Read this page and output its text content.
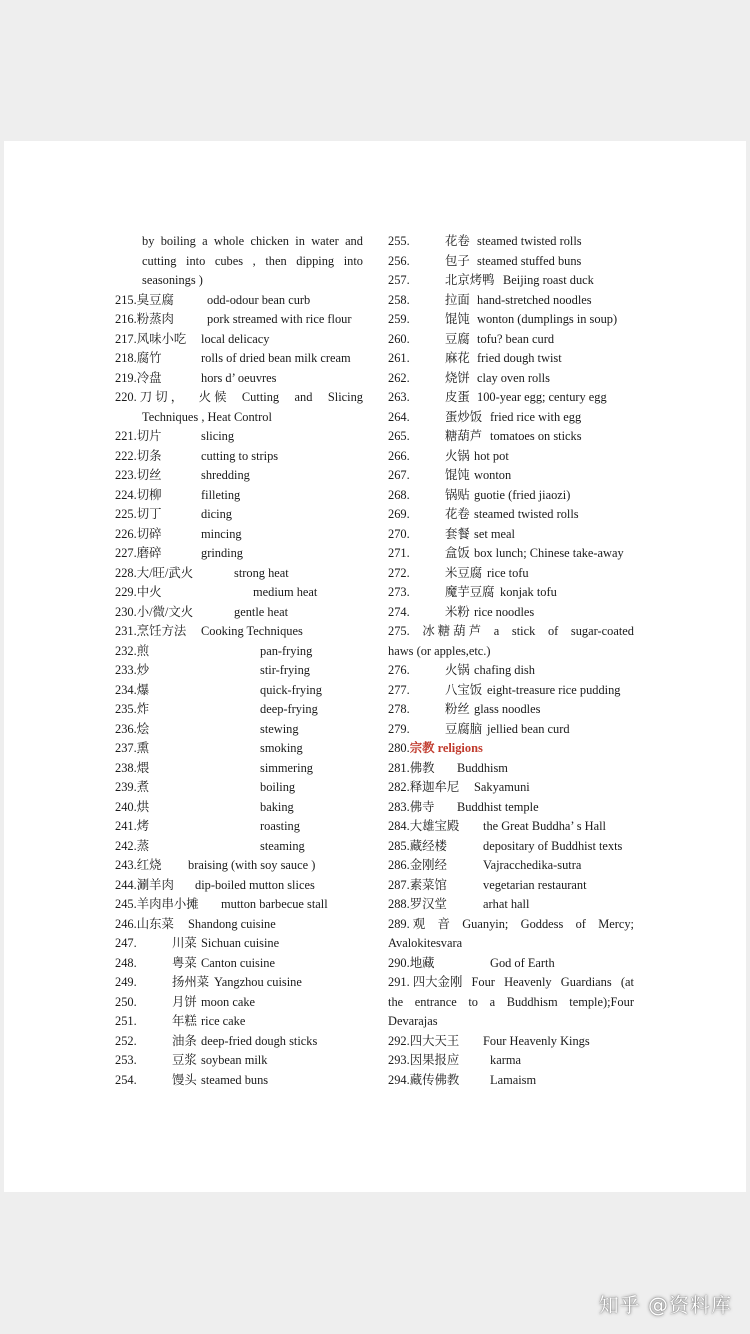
by boiling a whole chicken in water and
cutting into cubes , then dipping into
seasonings )
215.臭豆腐	odd-odour bean curb
216.粉蒸肉	pork streamed with rice flour
217.风味小吃 local delicacy
218.腐竹	rolls of dried bean milk cream
219.冷盘	hors d’ oeuvres
220. 刀 切 ， 火 候 Cutting and Slicing
Techniques , Heat Control
221.切片	slicing
222.切条	cutting to strips
223.切丝	shredding
224.切柳	filleting
225.切丁	dicing
226.切碎	mincing
227.磨碎	grinding
228.大/旺/武火	strong heat
229.中火	medium heat
230.小/微/文火	gentle heat
231.烹饪方法 Cooking Techniques
232.煎	pan-frying
233.炒	stir-frying
234.爆	quick-frying
235.炸	deep-frying
236.烩	stewing
237.熏	smoking
238.煨	simmering
239.煮	boiling
240.烘	baking
241.烤	roasting
242.蒸	steaming
243.红烧 braising (with soy sauce )
244.涮羊肉 dip-boiled mutton slices
245.羊肉串小摊 mutton barbecue stall
246.山东菜 Shandong cuisine
247.	川菜 Sichuan cuisine
248.	粤菜 Canton cuisine
249.	扬州菜 Yangzhou cuisine
250.	月饼 moon cake
251.	年糕 rice cake
252.	油条 deep-fried dough sticks
253.	豆浆 soybean milk
254.	馒头 steamed buns
255.	花卷 steamed twisted rolls
256.	包子 steamed stuffed buns
257.	北京烤鸭 Beijing roast duck
258.	拉面 hand-stretched noodles
259.	馄饨 wonton (dumplings in soup)
260.	豆腐 tofu? bean curd
261.	麻花 fried dough twist
262.	烧饼 clay oven rolls
263.	皮蛋 100-year egg; century egg
264.	蛋炒饭 fried rice with egg
265.	糖葫芦 tomatoes on sticks
266.	火锅 hot pot
267.	馄饨 wonton
268.	锅贴 guotie (fried jiaozi)
269.	花卷 steamed twisted rolls
270.	套餐 set meal
271.	盒饭 box lunch; Chinese take-away
272.	米豆腐 rice tofu
273.	魔芋豆腐 konjak tofu
274.	米粉 rice noodles
275. 冰 糖 葫 芦 a stick of sugar-coated
haws (or apples,etc.)
276.	火锅 chafing dish
277.	八宝饭 eight-treasure rice pudding
278.	粉丝 glass noodles
279.	豆腐脑 jellied bean curd
280.宗教 religions
281.佛教 Buddhism
282.释迦牟尼 Sakyamuni
283.佛寺 Buddhist temple
284.大雄宝殿 the Great Buddha’ s Hall
285.藏经楼	depositary of Buddhist texts
286.金刚经	Vajracchedika-sutra
287.素菜馆	vegetarian restaurant
288.罗汉堂	arhat hall
289. 观　音 Guanyin; Goddess of Mercy;
Avalokitesvara
290.地藏	God of Earth
291. 四大金刚 Four Heavenly Guardians (at
the entrance to a Buddhism temple);Four
Devarajas
292.四大天王 Four Heavenly Kings
293.因果报应 karma
294.藏传佛教 Lamaism
知乎 @资料库
